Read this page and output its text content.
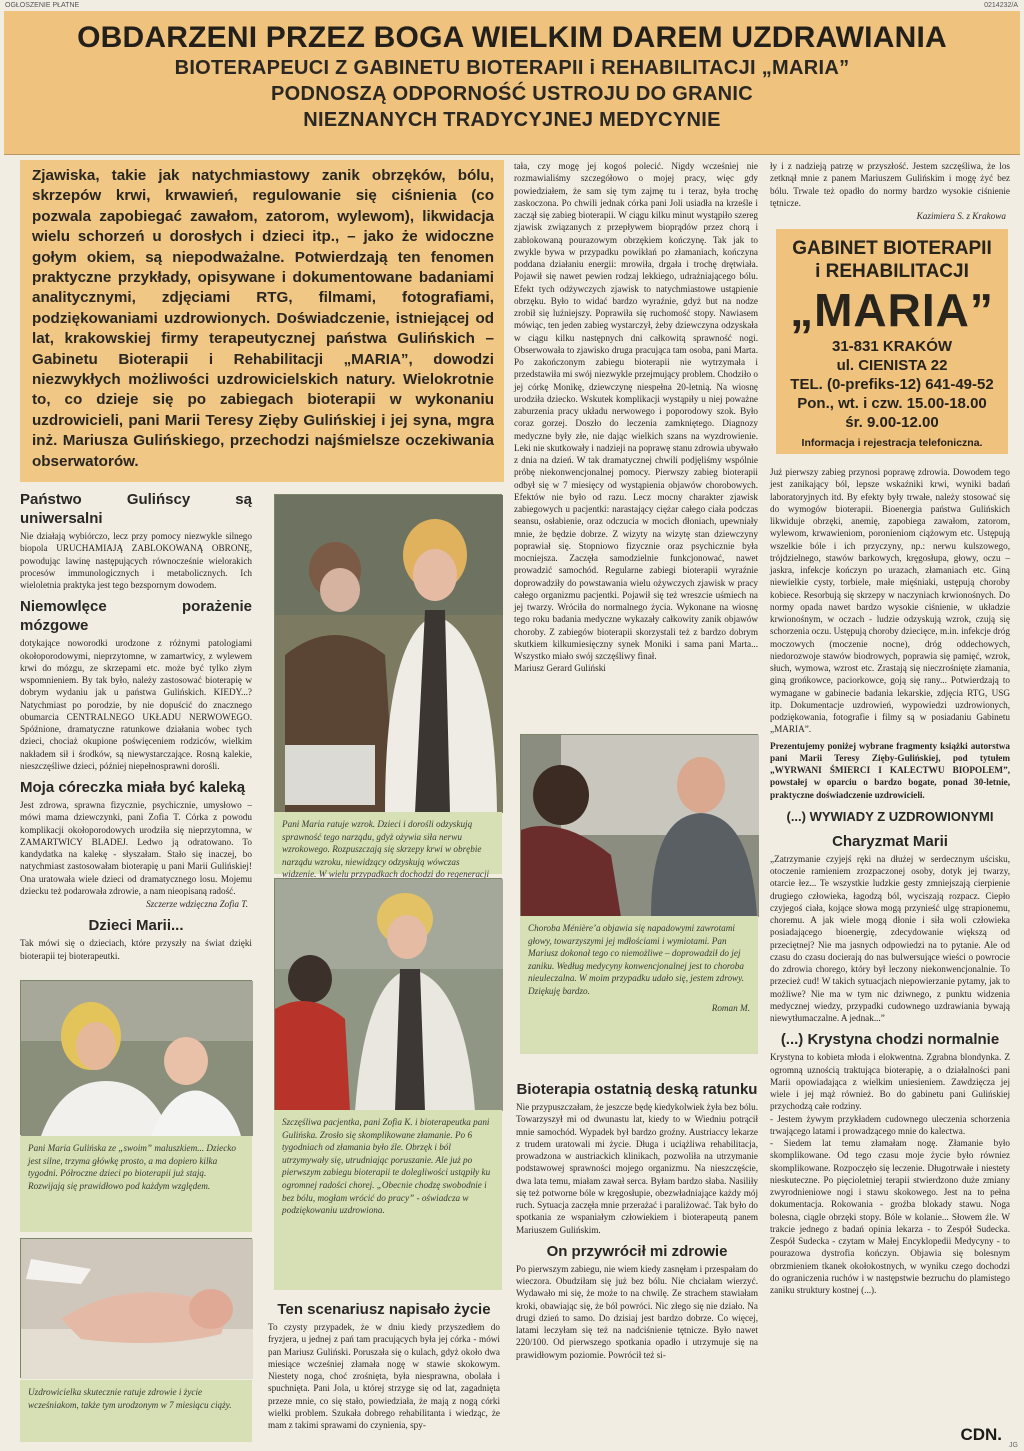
OGŁOSZENIE PŁATNE	0214232/A
OBDARZENI PRZEZ BOGA WIELKIM DAREM UZDRAWIANIA
BIOTERAPEUCI Z GABINETU BIOTERAPII i REHABILITACJI „MARIA”
PODNOSZĄ ODPORNOŚĆ USTROJU DO GRANIC
NIEZNANYCH TRADYCYJNEJ MEDYCYNIE
Zjawiska, takie jak natychmiastowy zanik obrzęków, bólu, skrzepów krwi, krwawień, regulowanie się ciśnienia (co pozwala zapobiegać zawałom, zatorom, wylewom), likwidacja wielu schorzeń u dorosłych i dzieci itp., – jako że widoczne gołym okiem, są niepodważalne. Potwierdzają ten fenomen praktyczne przykłady, opisywane i dokumentowane badaniami analitycznymi, zdjęciami RTG, filmami, fotografiami, podziękowaniami uzdrowionych. Doświadczenie, istniejącej od lat, krakowskiej firmy terapeutycznej państwa Gulińskich – Gabinetu Bioterapii i Rehabilitacji „MARIA”, dowodzi niezwykłych możliwości uzdrowicielskich natury. Wielokrotnie to, co dzieje się po zabiegach bioterapii w wykonaniu uzdrowicieli, pani Marii Teresy Zięby Gulińskiej i jej syna, mgra inż. Mariusza Gulińskiego, przechodzi najśmielsze oczekiwania obserwatorów.
Państwo Gulińscy są uniwersalni

Nie działają wybiórczo, lecz przy pomocy niezwykle silnego biopola URUCHAMIAJĄ ZABLOKOWANĄ OBRONĘ, powodując lawinę następujących równocześnie wielorakich procesów immunologicznych i metabolicznych. Ich wieloletnia praktyka jest tego bezspornym dowodem.

Niemowlęce porażenie mózgowe

dotykające noworodki urodzone z różnymi patologiami okołoporodowymi, nieprzytomne, w zamartwicy, z wylewem krwi do mózgu, ze skrzepami etc. może być tylko złym wspomnieniem. By tak było, należy zastosować bioterapię w dobrym wydaniu jak u państwa Gulińskich. KIEDY...? Natychmiast po porodzie, by nie dopuścić do znacznego obumarcia CENTRALNEGO UKŁADU NERWOWEGO. Spóźnione, dramatyczne ratunkowe działania wobec tych dzieci, chociaż okupione poświęceniem rodziców, wielkim nakładem sił i środków, są niewystarczające. Rosną kalekie, nieszczęśliwe dzieci, później niepełnosprawni dorośli.

Moja córeczka miała być kaleką

Jest zdrowa, sprawna fizycznie, psychicznie, umysłowo – mówi mama dziewczynki, pani Zofia T. Córka z powodu komplikacji okołoporodowych urodziła się nieprzytomna, w ZAMARTWICY BLADEJ. Ledwo ją odratowano. To kandydatka na kalekę - słyszałam. Stało się inaczej, bo natychmiast zastosowałam bioterapię u pani Marii Gulińskiej! Ona uratowała wiele dzieci od dramatycznego losu. Mojemu dziecku też podarowała zdrowie, a nam nieopisaną radość.

Szczerze wdzięczna Zofia T.
Dzieci Marii...

Tak mówi się o dzieciach, które przyszły na świat dzięki bioterapii tej bioterapeutki.

Pani Maria Gulińska ze „swoim” maluszkiem... Dziecko jest silne, trzyma główkę prosto, a ma dopiero kilka tygodni. Półroczne dzieci po bioterapii już stają. Rozwijają się prawidłowo pod każdym względem.
Uzdrowicielka skutecznie ratuje zdrowie i życie wcześniakom, także tym urodzonym w 7 miesiącu ciąży.
Pani Maria ratuje wzrok. Dzieci i dorośli odzyskują sprawność tego narządu, gdyż ożywia siła nerwu wzrokowego. Rozpuszczają się skrzepy krwi w obrębie narządu wzroku, niewidzący odzyskują wówczas widzenie. W wielu przypadkach dochodzi do regeneracji
Szczęśliwa pacjentka, pani Zofia K. i bioterapeutka pani Gulińska. Zrosło się skomplikowane złamanie. Po 6 tygodniach od złamania było źle. Obrzęk i ból utrzymywały się, utrudniając poruszanie. Ale już po pierwszym zabiegu bioterapii te dolegliwości ustąpiły ku ogromnej radości chorej. „Obecnie chodzę swobodnie i bez bólu, mogłam wrócić do pracy” - oświadcza w podziękowaniu uzdrowiona.
Ten scenariusz napisało życie

To czysty przypadek, że w dniu kiedy przyszedłem do fryzjera, u jednej z pań tam pracujących była jej córka - mówi pan Mariusz Guliński. Poruszała się o kulach, gdyż około dwa miesiące wcześniej złamała nogę w stawie skokowym. Niestety noga, choć zrośnięta, była niesprawna, obolała i spuchnięta. Pani Jola, u której strzyge się od lat, zagadnięta przeze mnie, co się stało, powiedziała, że mają z nogą córki wielki problem. Szukała dobrego rehabilitanta i wiedząc, że mam z takimi sprawami do czynienia, spy-

tała, czy mogę jej kogoś polecić. Nigdy wcześniej nie rozmawialiśmy szczegółowo o mojej pracy, więc gdy powiedziałem, że sam się tym zajmę tu i teraz, była trochę zaskoczona. Po chwili jednak córka pani Joli usiadła na krześle i zaczął się zabieg bioterapii. W ciągu kilku minut wystąpiło szereg zjawisk związanych z przepływem bioprądów przez chorą i zablokowaną pourazowym obrzękiem kończynę. Tak jak to zwykle bywa w przypadku powikłań po złamaniach, kończyna poddana działaniu energii: mrowiła, drgała i trochę drętwiała. Pojawił się nawet pewien rodzaj lekkiego, udrażniającego bólu. Efekt tych odżywczych zjawisk to natychmiastowe ustąpienie obrzęku. Było to widać bardzo wyraźnie, gdyż but na nodze zrobił się luźniejszy. Poprawiła się ruchomość stopy. Nawiasem mówiąc, ten jeden zabieg wystarczył, żeby dziewczyna odzyskała w ciągu kilku następnych dni całkowitą sprawność nogi. Obserwowała to zjawisko druga pracująca tam osoba, pani Marta. Po zakończonym zabiegu bioterapii nie wytrzymała i przedstawiła mi swój niezwykle przejmujący problem. Chodziło o jej córkę Monikę, dziewczynę niespełna 20-letnią. Na wiosnę urodziła dziecko. Wskutek komplikacji wystąpiły u niej poważne zaburzenia pracy układu nerwowego i poporodowy szok. Było coraz gorzej. Doszło do leczenia zamkniętego. Diagnozy medyczne były złe, nie dając wielkich szans na wyzdrowienie. Leki nie skutkowały i nadzieji na poprawę stanu zdrowia ubywało z dnia na dzień. W tak dramatycznej chwili podjęliśmy wspólnie próbę niekonwencjonalnej pomocy. Pierwszy zabieg bioterapii odbył się w 7 miesięcy od wystąpienia objawów chorobowych. Efektów nie było od razu. Lecz mocny charakter zjawisk zabiegowych u pacjentki: narastający ciężar całego ciała podczas seansu, osłabienie, oraz odczucia w mocich dłoniach, upewniały mnie, że będzie dobrze. Z wizyty na wizytę stan dziewczyny poprawiał się. Stopniowo fizycznie oraz psychicznie była mocniejsza. Zaczęła samodzielnie funkcjonować, nawet prowadzić samochód. Regularne zabiegi bioterapii wyraźnie doprowadziły do powstawania wielu ożywczych zjawisk w pracy całego organizmu pacjentki. Pojawił się też wreszcie uśmiech na jej twarzy. Wróciła do normalnego życia. Wykonane na wiosnę tego roku badania medyczne wykazały całkowity zanik objawów choroby. Z zabiegów bioterapii skorzystali też z bardzo dobrym skutkiem kilkumiesięczny synek Moniki i sama pani Marta... Wszystko miało swój szczęśliwy finał.

Mariusz Gerard Guliński
Choroba Ménière’a objawia się napadowymi zawrotami głowy, towarzyszymi jej mdłościami i wymiotami. Pan Mariusz dokonał tego co niemożliwe – doprowadził do jej zaniku. Według medycyny konwencjonalnej jest to choroba nieuleczalna. W moim przypadku udało się, jestem zdrowy. Dziękuję bardzo.
Roman M.
Bioterapia ostatnią deską ratunku

Nie przypuszczałam, że jeszcze będę kiedykolwiek żyła bez bólu. Towarzyszył mi od dwunastu lat, kiedy to w Wiedniu potrącił mnie samochód. Wypadek był bardzo groźny. Austriaccy lekarze z trudem uratowali mi życie. Długa i uciążliwa rehabilitacja, prowadzona w austriackich klinikach, pozwoliła na utrzymanie podstawowej sprawności mojego organizmu. Na nieszczęście, dwa lata temu, miałam zawał serca. Byłam bardzo słaba. Nasiliły się też potworne bóle w kręgosłupie, obezwładniające każdy mój ruch. Sytuacja zaczęła mnie przerażać i paraliżować. Tak było do spotkania ze wspaniałym człowiekiem i bioterapeutą panem Mariuszem Gulińskim.

On przywrócił mi zdrowie

Po pierwszym zabiegu, nie wiem kiedy zasnęłam i przespałam do wieczora. Obudziłam się już bez bólu. Nie chciałam wierzyć. Wydawało mi się, że może to na chwilę. Ze strachem stawiałam kroki, obawiając się, że ból powróci. Nic złego się nie działo. Na drugi dzień to samo. Do dzisiaj jest bardzo dobrze. Co więcej, latami leczyłam się też na nadciśnienie tętnicze. Było nawet 220/100. Od pierwszego spotkania opadło i utrzymuje się na prawidłowym poziomie. Powrócił też si-

ły i z nadzieją patrzę w przyszłość. Jestem szczęśliwa, że los zetknął mnie z panem Mariuszem Gulińskim i mogę żyć bez bólu. Trwale też opadło do normy bardzo wysokie ciśnienie tętnicze.

Kazimiera S. z Krakowa
GABINET BIOTERAPII
i REHABILITACJI
„MARIA”
31-831 KRAKÓW
ul. CIENISTA 22
TEL. (0-prefiks-12) 641-49-52
Pon., wt. i czw. 15.00-18.00
śr. 9.00-12.00
Informacja i rejestracja telefoniczna.

Już pierwszy zabieg przynosi poprawę zdrowia. Dowodem tego jest zanikający ból, lepsze wskaźniki krwi, wyniki badań laboratoryjnych itd. By efekty były trwałe, należy stosować się do wymogów bioterapii. Bioenergia państwa Gulińskich likwiduje obrzęki, anemię, zapobiega zawałom, zatorom, wylewom, krwawieniom, poronieniom ciążowym etc. Ustępują wszelkie bóle i ich przyczyny, np.: nerwu kulszowego, trójdzielnego, stawów barkowych, kręgosłupa, głowy, oczu – jaskra, infekcje kończyn po urazach, złamaniach etc. Giną niewielkie cysty, torbiele, małe mięśniaki, ustępują choroby kobiece. Resorbują się skrzepy w naczyniach krwionośnych. Do normy opada nawet bardzo wysokie ciśnienie, w układzie krwionośnym, w oczach - ludzie odzyskują wzrok, czują się schorzenia oczu. Ustępują choroby dziecięce, m.in. infekcje dróg moczowych (moczenie nocne), dróg oddechowych, niedorozwoje stawów biodrowych, poprawia się pamięć, wzrok, słuch, wymowa, wzrost etc. Zrastają się nieczrośnięte złamania, giną grońkowce, paciorkowce, goją się rany... Potwierdzają to wymagane w gabinecie badania lekarskie, zdjęcia RTG, USG itp. Dokumentacje uzdrowień, wypowiedzi uzdrowionych, podziękowania, fotografie i filmy są w posiadaniu Gabinetu „MARIA”.

Prezentujemy poniżej wybrane fragmenty książki autorstwa pani Marii Teresy Zięby-Gulińskiej, pod tytułem „WYRWANI ŚMIERCI I KALECTWU BIOPOLEM”, powstałej w oparciu o bardzo bogate, ponad 30-letnie, praktyczne doświadczenie uzdrowicieli.

(...) WYWIADY Z UZDROWIONYMI
Charyzmat Marii

„Zatrzymanie czyjejś ręki na dłużej w serdecznym uścisku, otoczenie ramieniem zrozpaczonej osoby, dotyk jej twarzy, otarcie łez... Te wszystkie ludzkie gesty zmniejszają cierpienie drugiego człowieka, łagodzą ból, wyciszają rozpacz. Ciepło czyjegoś ciała, kojące słowa mogą przynieść ulgę strapionemu, choremu. A jak wiele mogą dłonie i siła woli człowieka posiadającego bioenergię, zdecydowanie większą od przeciętnej? Nie ma jasnych odpowiedzi na to pytanie. Ale od czasu do czasu docierają do nas bulwersujące wieści o powrocie do zdrowia chorego, który był leczony niekonwencjonalnie. To przecież cud! W takich sytuacjach niepowierzanie pytamy, jak to możliwe? Nie ma w tym nic dziwnego, z punktu widzenia medycznej wiedzy, przypadki cudownego uzdrawiania bywają niewytłumaczalne. A jednak...”

(...) Krystyna chodzi normalnie

Krystyna to kobieta młoda i elokwentna. Zgrabna blondynka. Z ogromną uznością traktująca bioterapię, a o działalności pani Marii opowiadająca z wielkim uniesieniem. Zawdzięcza jej wiele i jej mąż również. Bo do gabinetu pani Gulińskiej przychodzą całe rodziny.
- Jestem żywym przykładem cudownego uleczenia schorzenia trwającego latami i prowadzącego mnie do kalectwa.
- Siedem lat temu złamałam nogę. Złamanie było skomplikowane. Od tego czasu moje życie było równiez skomplikowane. Rozpoczęło się leczenie. Długotrwałe i niestety nieskuteczne. Po pięcioletniej terapii stwierdzono duże zmiany zwyrodnieniowe nogi i stawu skokowego. Jest na to pełna dokumentacja. Rokowania - groźba blokady stawu. Noga bolesna, ciągle obrzęki stopy. Bóle w kolanie... Słowem źle. W trakcie jednego z badań opinia lekarza - to Zespół Sudecka. Zespół Sudecka - czytam w Małej Encyklopedii Medycyny - to pourazowa dystrofia kończyn. Objawia się bolesnym obrzmieniem tkanek okołokostnych, w wyniku czego dochodzi do ograniczenia ruchów i w następstwie bezruchu do plamistego zaniku struktury kostnej (...).

CDN.
JG
